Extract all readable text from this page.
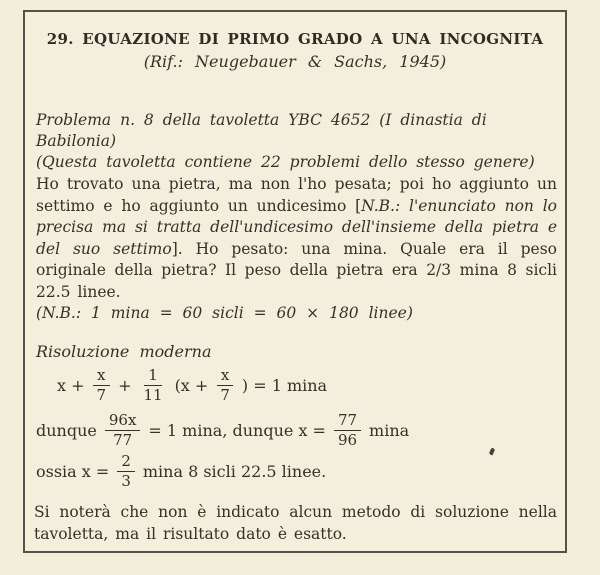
29. EQUAZIONE DI PRIMO GRADO A UNA INCOGNITA
(Rif.: Neugebauer & Sachs, 1945)
Problema n. 8 della tavoletta YBC 4652 (I dinastia di Babilonia)
(Questa tavoletta contiene 22 problemi dello stesso genere)

Ho trovato una pietra, ma non l'ho pesata; poi ho aggiunto un settimo e ho aggiunto un undicesimo [N.B.: l'enunciato non lo precisa ma si tratta dell'undicesimo dell'insieme della pietra e del suo settimo]. Ho pesato: una mina. Quale era il peso originale della pietra? Il peso della pietra era 2/3 mina 8 sicli 22.5 linee.

(N.B.: 1 mina = 60 sicli = 60 × 180 linee)
Risoluzione moderna
$x + \frac{x}{7} + \frac{1}{11} (x + \frac{x}{7}$ ) = 1 mina
dunque $\frac{96x}{77} = 1$ mina, dunque $x = \frac{77}{96}$ mina
ossia $x = \frac{2}{3}$ mina 8 sicli 22.5 linee.
Si noterà che non è indicato alcun metodo di soluzione nella tavoletta, ma il risultato dato è esatto.
